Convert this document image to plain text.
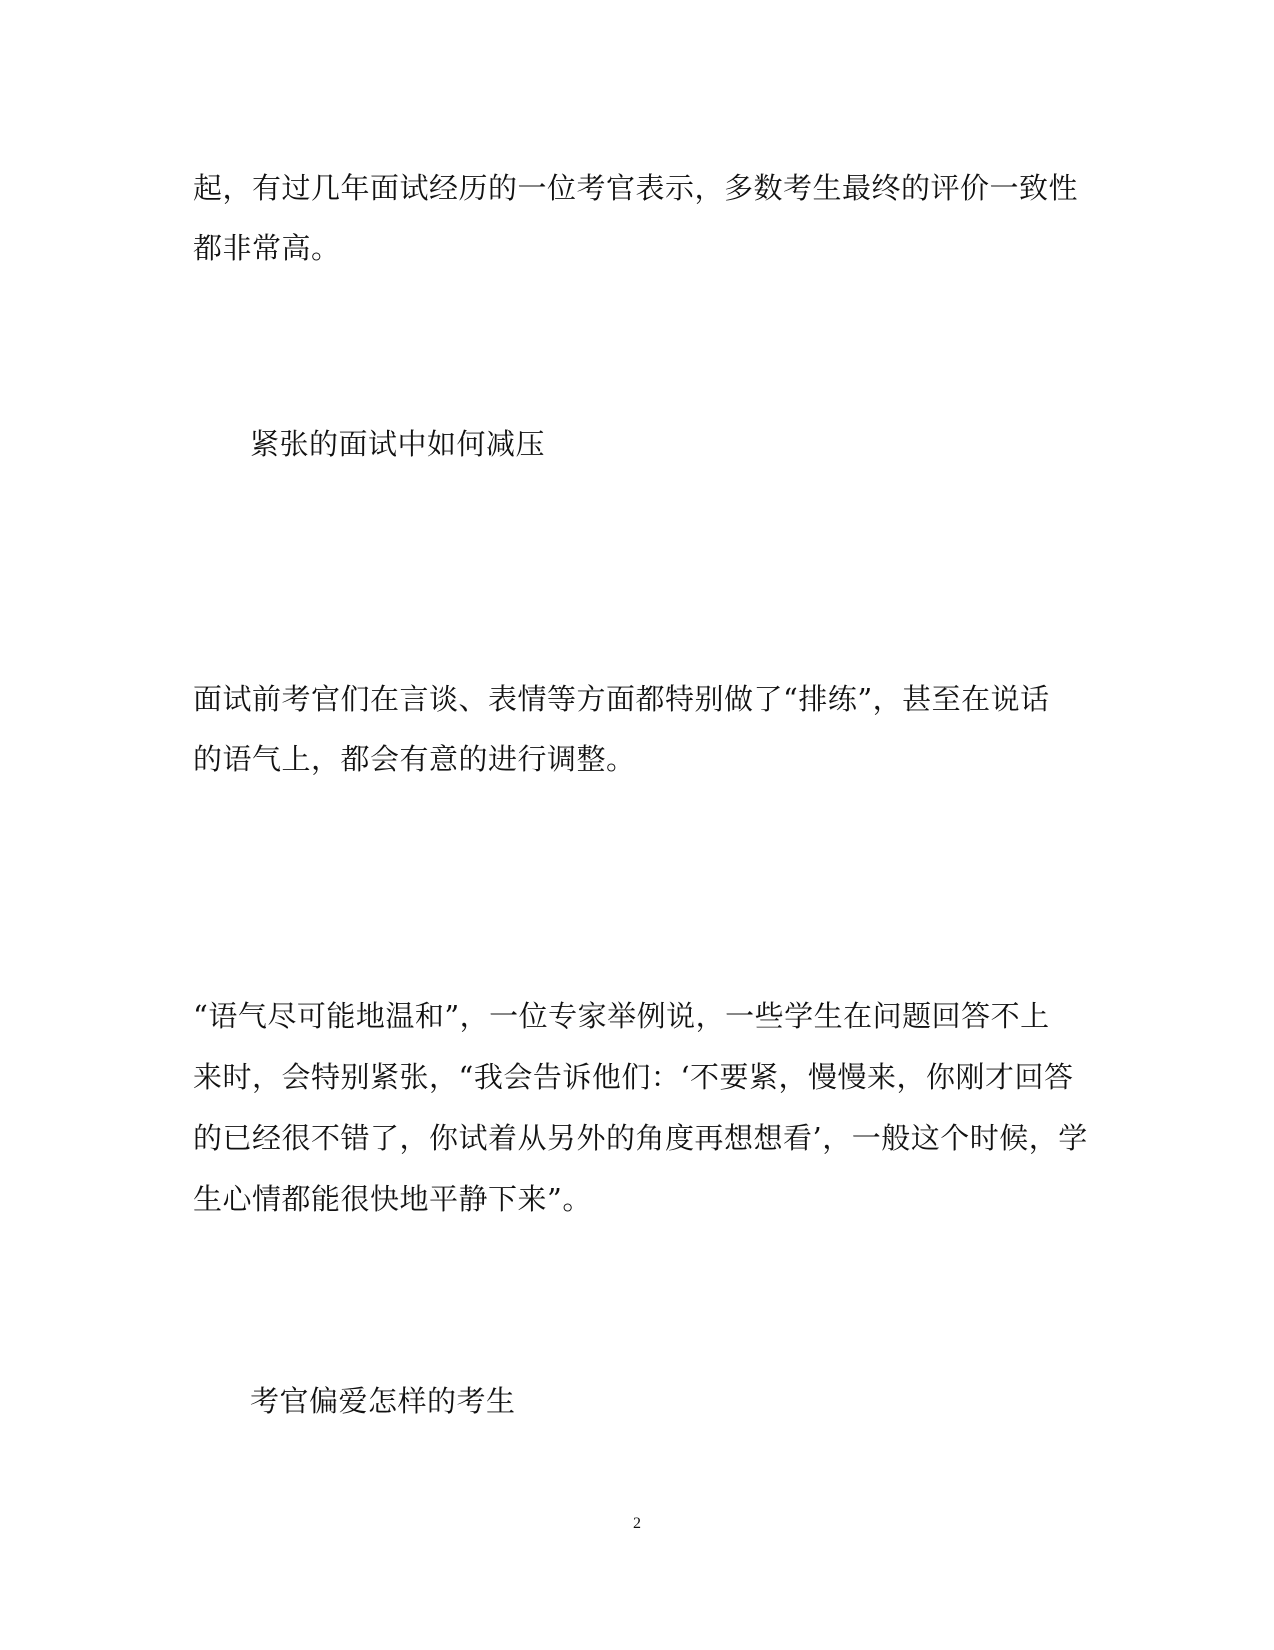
起，有过几年面试经历的一位考官表示，多数考生最终的评价一致性
都非常高。
紧张的面试中如何减压
面试前考官们在言谈、表情等方面都特别做了“排练”，甚至在说话
的语气上，都会有意的进行调整。
“语气尽可能地温和”，一位专家举例说，一些学生在问题回答不上
来时，会特别紧张，“我会告诉他们：‘不要紧，慢慢来，你刚才回答
的已经很不错了，你试着从另外的角度再想想看’，一般这个时候，学
生心情都能很快地平静下来”。
考官偏爱怎样的考生
2
